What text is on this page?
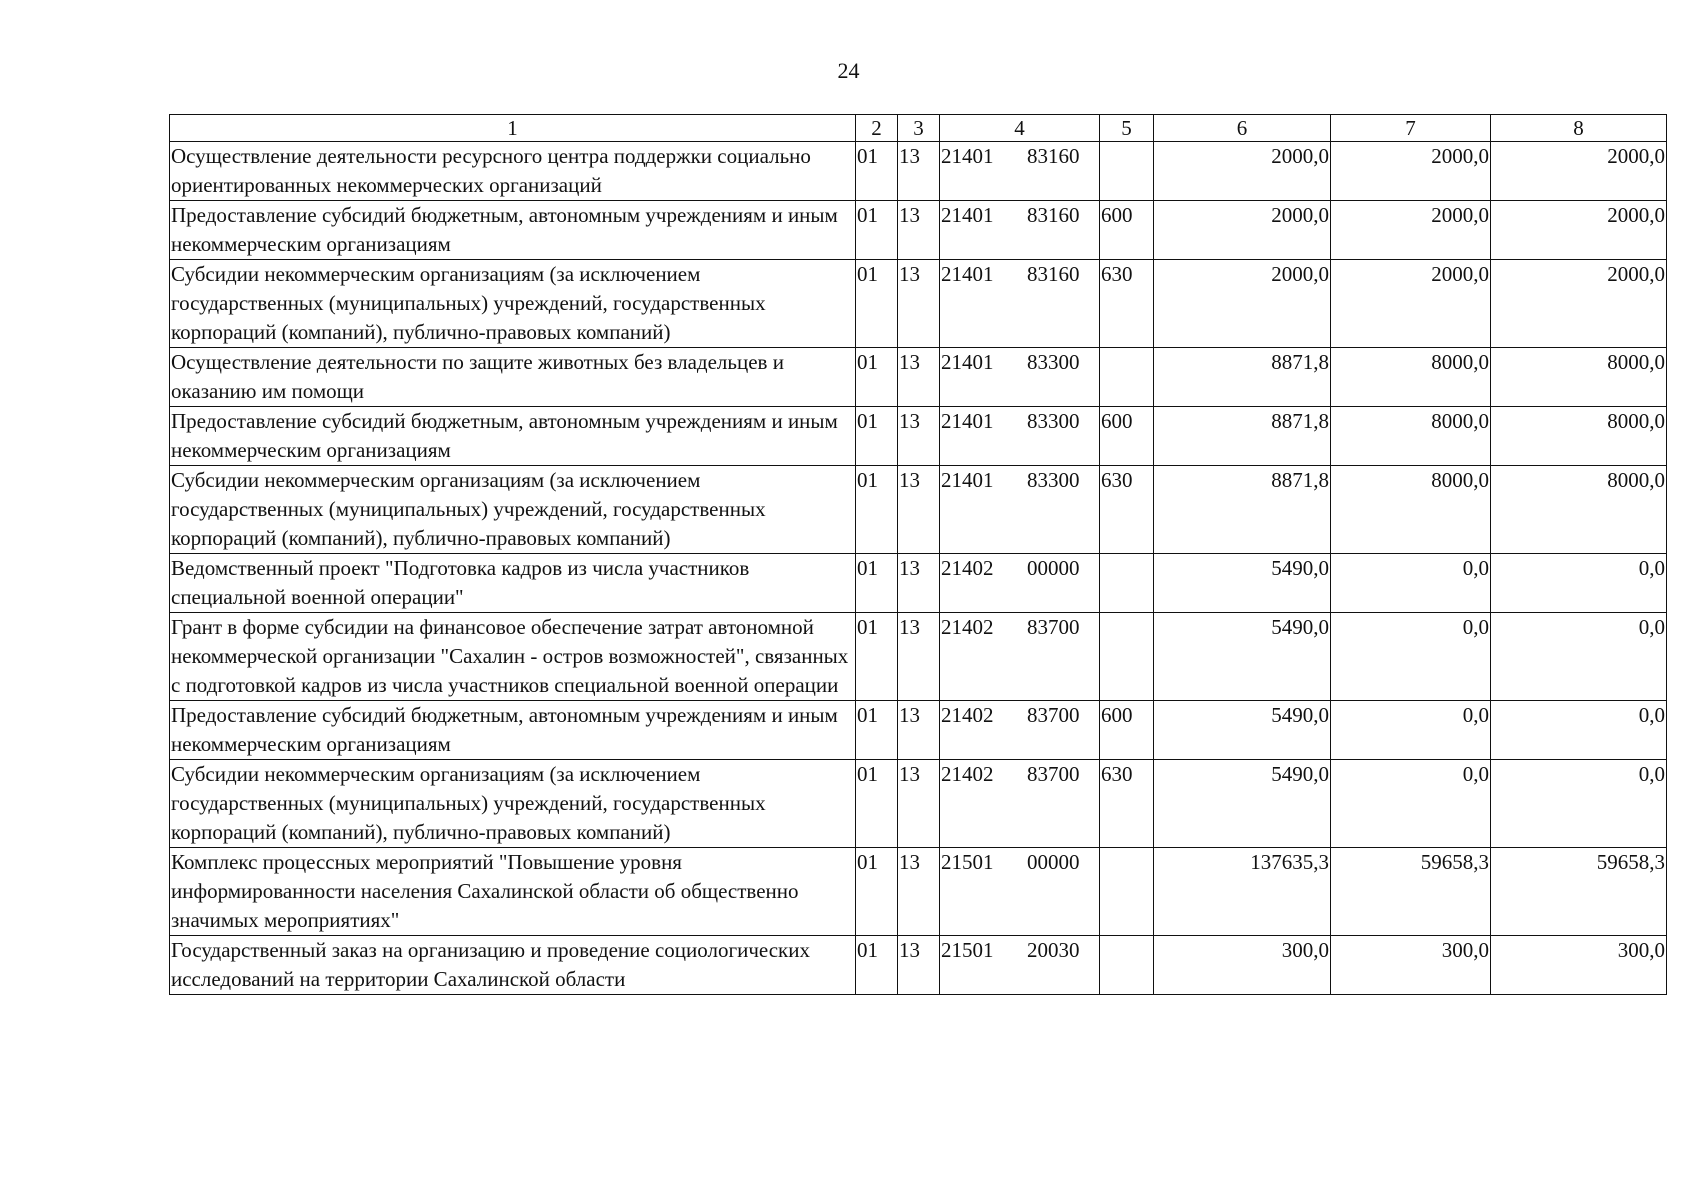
24
1	2	3	4	5	6	7	8
Осуществление деятельности ресурсного центра поддержки социально ориентированных некоммерческих организаций	01	13	21401 83160		2000,0	2000,0	2000,0
Предоставление субсидий бюджетным, автономным учреждениям и иным некоммерческим организациям	01	13	21401 83160	600	2000,0	2000,0	2000,0
Субсидии некоммерческим организациям (за исключением государственных (муниципальных) учреждений, государственных корпораций (компаний), публично-правовых компаний)	01	13	21401 83160	630	2000,0	2000,0	2000,0
Осуществление деятельности по защите животных без владельцев и оказанию им помощи	01	13	21401 83300		8871,8	8000,0	8000,0
Предоставление субсидий бюджетным, автономным учреждениям и иным некоммерческим организациям	01	13	21401 83300	600	8871,8	8000,0	8000,0
Субсидии некоммерческим организациям (за исключением государственных (муниципальных) учреждений, государственных корпораций (компаний), публично-правовых компаний)	01	13	21401 83300	630	8871,8	8000,0	8000,0
Ведомственный проект "Подготовка кадров из числа участников специальной военной операции"	01	13	21402 00000		5490,0	0,0	0,0
Грант в форме субсидии на финансовое обеспечение затрат автономной некоммерческой организации "Сахалин - остров возможностей", связанных с подготовкой кадров из числа участников специальной военной операции	01	13	21402 83700		5490,0	0,0	0,0
Предоставление субсидий бюджетным, автономным учреждениям и иным некоммерческим организациям	01	13	21402 83700	600	5490,0	0,0	0,0
Субсидии некоммерческим организациям (за исключением государственных (муниципальных) учреждений, государственных корпораций (компаний), публично-правовых компаний)	01	13	21402 83700	630	5490,0	0,0	0,0
Комплекс процессных мероприятий "Повышение уровня информированности населения Сахалинской области об общественно значимых мероприятиях"	01	13	21501 00000		137635,3	59658,3	59658,3
Государственный заказ на организацию и проведение социологических исследований на территории Сахалинской области	01	13	21501 20030		300,0	300,0	300,0
